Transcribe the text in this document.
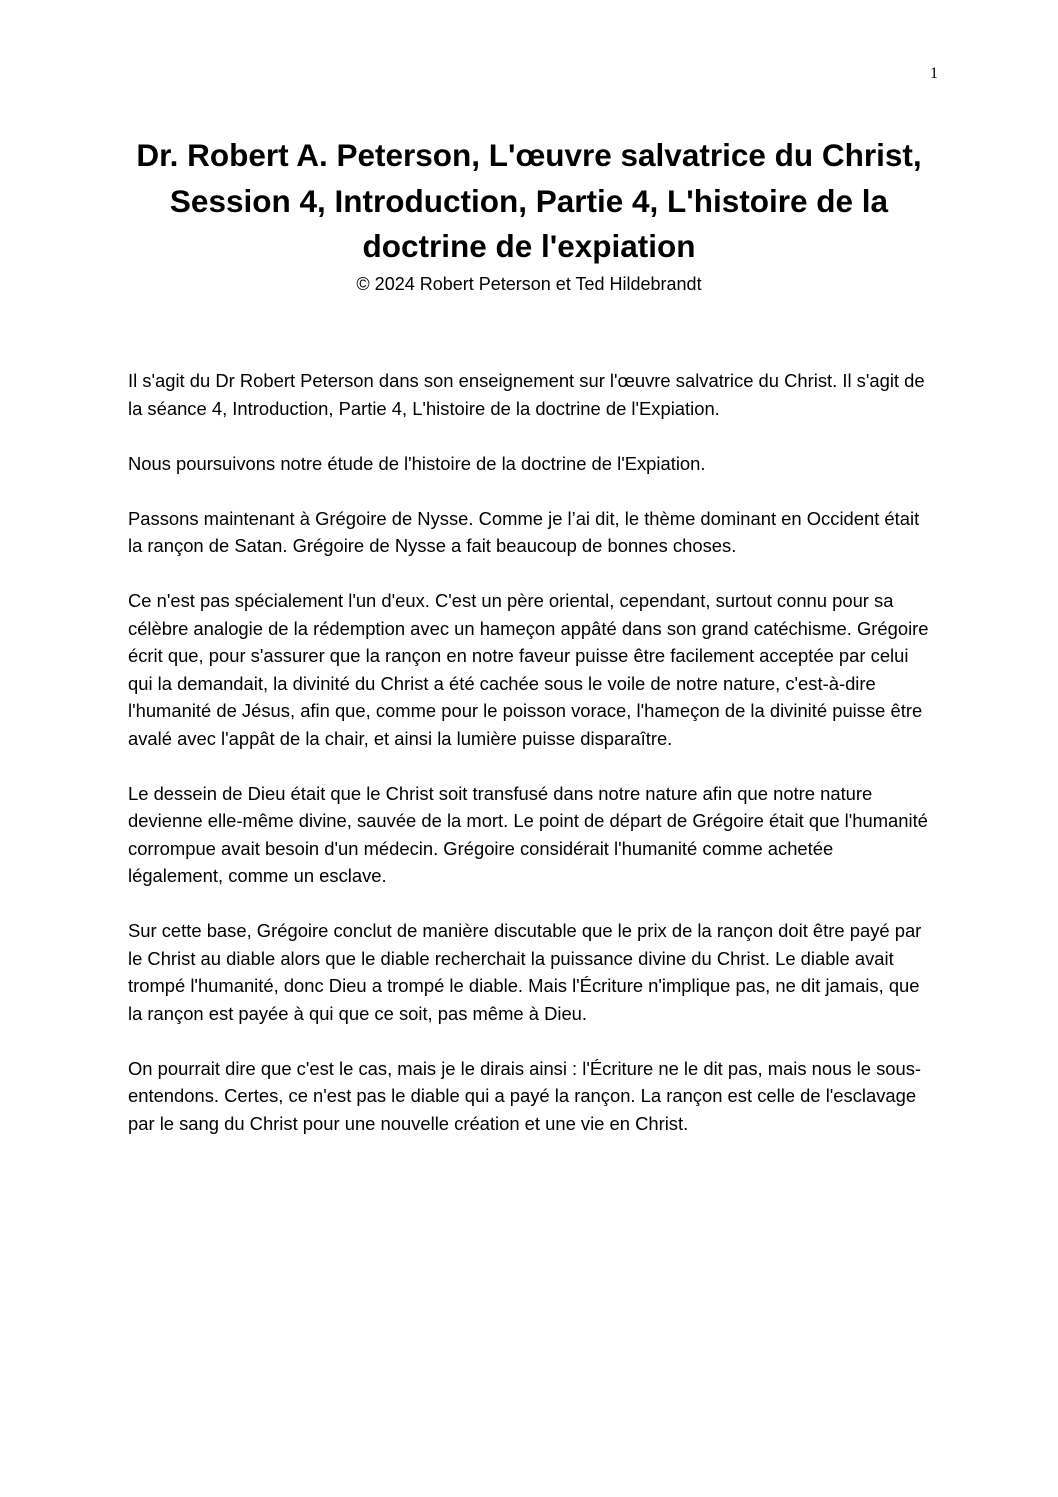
1
Dr. Robert A. Peterson, L'œuvre salvatrice du Christ,
Session 4, Introduction, Partie 4, L'histoire de la doctrine de l'expiation

© 2024 Robert Peterson et Ted Hildebrandt

Il s'agit du Dr Robert Peterson dans son enseignement sur l'œuvre salvatrice du Christ. Il s'agit de la séance 4, Introduction, Partie 4, L'histoire de la doctrine de l'Expiation.

Nous poursuivons notre étude de l'histoire de la doctrine de l'Expiation.

Passons maintenant à Grégoire de Nysse. Comme je l’ai dit, le thème dominant en Occident était la rançon de Satan. Grégoire de Nysse a fait beaucoup de bonnes choses.

Ce n'est pas spécialement l'un d'eux. C'est un père oriental, cependant, surtout connu pour sa célèbre analogie de la rédemption avec un hameçon appâté dans son grand catéchisme. Grégoire écrit que, pour s'assurer que la rançon en notre faveur puisse être facilement acceptée par celui qui la demandait, la divinité du Christ a été cachée sous le voile de notre nature, c'est-à-dire l'humanité de Jésus, afin que, comme pour le poisson vorace, l'hameçon de la divinité puisse être avalé avec l'appât de la chair, et ainsi la lumière puisse disparaître.

Le dessein de Dieu était que le Christ soit transfusé dans notre nature afin que notre nature devienne elle-même divine, sauvée de la mort. Le point de départ de Grégoire était que l'humanité corrompue avait besoin d'un médecin. Grégoire considérait l'humanité comme achetée légalement, comme un esclave.

Sur cette base, Grégoire conclut de manière discutable que le prix de la rançon doit être payé par le Christ au diable alors que le diable recherchait la puissance divine du Christ. Le diable avait trompé l'humanité, donc Dieu a trompé le diable. Mais l'Écriture n'implique pas, ne dit jamais, que la rançon est payée à qui que ce soit, pas même à Dieu.

On pourrait dire que c'est le cas, mais je le dirais ainsi : l'Écriture ne le dit pas, mais nous le sous-entendons. Certes, ce n'est pas le diable qui a payé la rançon. La rançon est celle de l'esclavage par le sang du Christ pour une nouvelle création et une vie en Christ.
